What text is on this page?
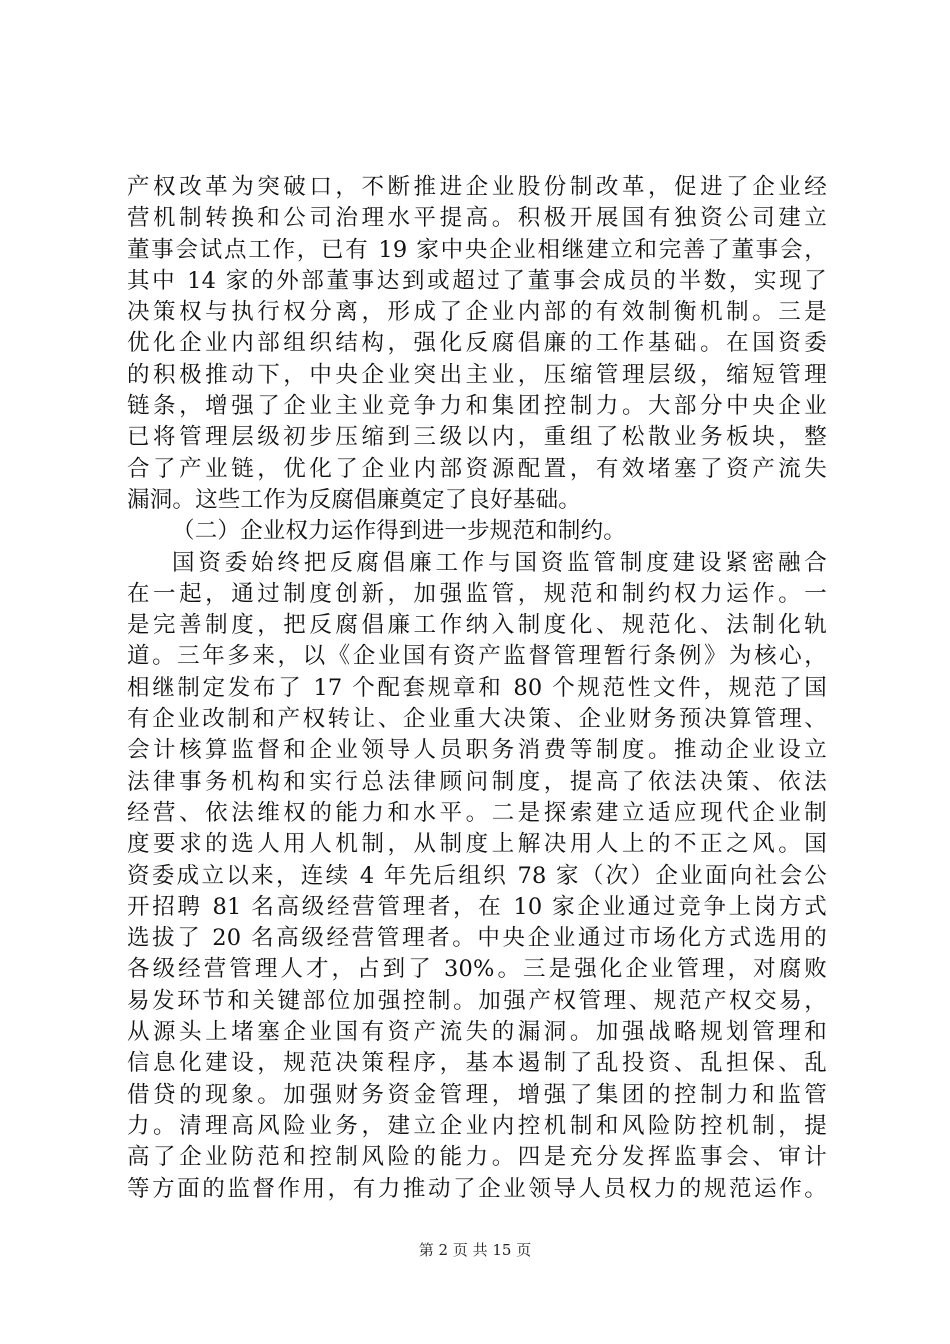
产权改革为突破口，不断推进企业股份制改革，促进了企业经
营机制转换和公司治理水平提高。积极开展国有独资公司建立
董事会试点工作，已有 19 家中央企业相继建立和完善了董事会，
其中 14 家的外部董事达到或超过了董事会成员的半数，实现了
决策权与执行权分离，形成了企业内部的有效制衡机制。三是
优化企业内部组织结构，强化反腐倡廉的工作基础。在国资委
的积极推动下，中央企业突出主业，压缩管理层级，缩短管理
链条，增强了企业主业竞争力和集团控制力。大部分中央企业
已将管理层级初步压缩到三级以内，重组了松散业务板块，整
合了产业链，优化了企业内部资源配置，有效堵塞了资产流失
漏洞。这些工作为反腐倡廉奠定了良好基础。
（二）企业权力运作得到进一步规范和制约。
国资委始终把反腐倡廉工作与国资监管制度建设紧密融合
在一起，通过制度创新，加强监管，规范和制约权力运作。一
是完善制度，把反腐倡廉工作纳入制度化、规范化、法制化轨
道。三年多来，以《企业国有资产监督管理暂行条例》为核心，
相继制定发布了 17 个配套规章和 80 个规范性文件，规范了国
有企业改制和产权转让、企业重大决策、企业财务预决算管理、
会计核算监督和企业领导人员职务消费等制度。推动企业设立
法律事务机构和实行总法律顾问制度，提高了依法决策、依法
经营、依法维权的能力和水平。二是探索建立适应现代企业制
度要求的选人用人机制，从制度上解决用人上的不正之风。国
资委成立以来，连续 4 年先后组织 78 家（次）企业面向社会公
开招聘 81 名高级经营管理者，在 10 家企业通过竞争上岗方式
选拔了 20 名高级经营管理者。中央企业通过市场化方式选用的
各级经营管理人才，占到了 30%。三是强化企业管理，对腐败
易发环节和关键部位加强控制。加强产权管理、规范产权交易，
从源头上堵塞企业国有资产流失的漏洞。加强战略规划管理和
信息化建设，规范决策程序，基本遏制了乱投资、乱担保、乱
借贷的现象。加强财务资金管理，增强了集团的控制力和监管
力。清理高风险业务，建立企业内控机制和风险防控机制，提
高了企业防范和控制风险的能力。四是充分发挥监事会、审计
等方面的监督作用，有力推动了企业领导人员权力的规范运作。
第 2 页 共 15 页
